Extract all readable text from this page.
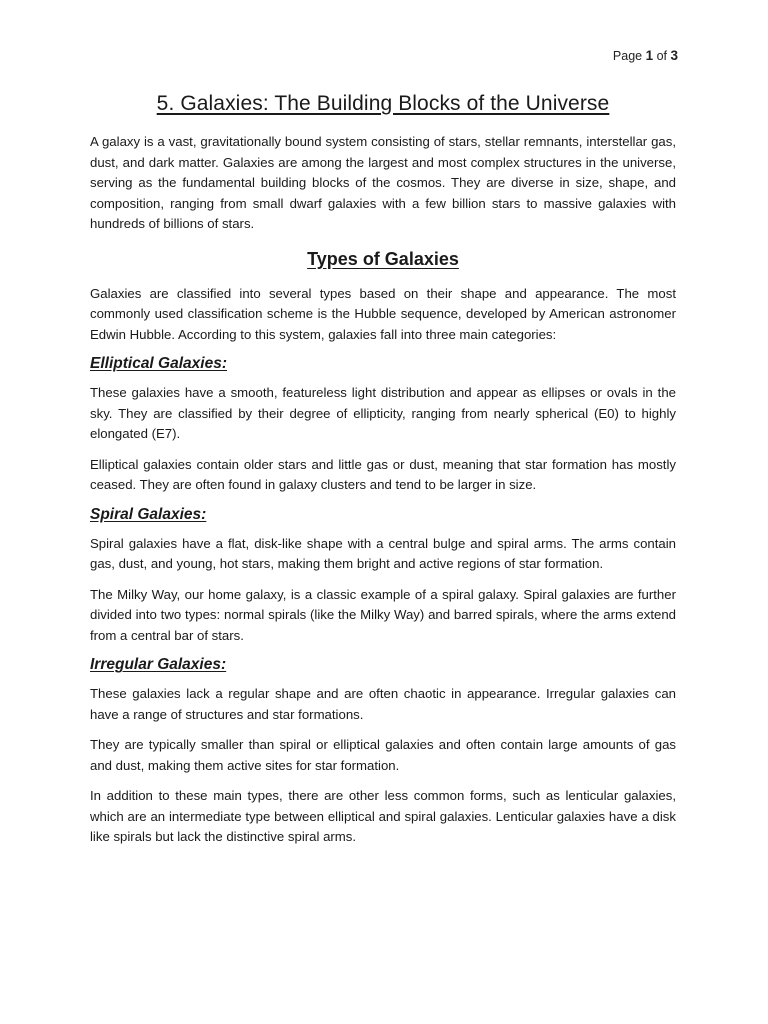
Page 1 of 3
5. Galaxies: The Building Blocks of the Universe

A galaxy is a vast, gravitationally bound system consisting of stars, stellar remnants, interstellar gas, dust, and dark matter. Galaxies are among the largest and most complex structures in the universe, serving as the fundamental building blocks of the cosmos. They are diverse in size, shape, and composition, ranging from small dwarf galaxies with a few billion stars to massive galaxies with hundreds of billions of stars.

Types of Galaxies

Galaxies are classified into several types based on their shape and appearance. The most commonly used classification scheme is the Hubble sequence, developed by American astronomer Edwin Hubble. According to this system, galaxies fall into three main categories:

Elliptical Galaxies:

These galaxies have a smooth, featureless light distribution and appear as ellipses or ovals in the sky. They are classified by their degree of ellipticity, ranging from nearly spherical (E0) to highly elongated (E7).

Elliptical galaxies contain older stars and little gas or dust, meaning that star formation has mostly ceased. They are often found in galaxy clusters and tend to be larger in size.

Spiral Galaxies:

Spiral galaxies have a flat, disk-like shape with a central bulge and spiral arms. The arms contain gas, dust, and young, hot stars, making them bright and active regions of star formation.

The Milky Way, our home galaxy, is a classic example of a spiral galaxy. Spiral galaxies are further divided into two types: normal spirals (like the Milky Way) and barred spirals, where the arms extend from a central bar of stars.

Irregular Galaxies:

These galaxies lack a regular shape and are often chaotic in appearance. Irregular galaxies can have a range of structures and star formations.

They are typically smaller than spiral or elliptical galaxies and often contain large amounts of gas and dust, making them active sites for star formation.

In addition to these main types, there are other less common forms, such as lenticular galaxies, which are an intermediate type between elliptical and spiral galaxies. Lenticular galaxies have a disk like spirals but lack the distinctive spiral arms.
